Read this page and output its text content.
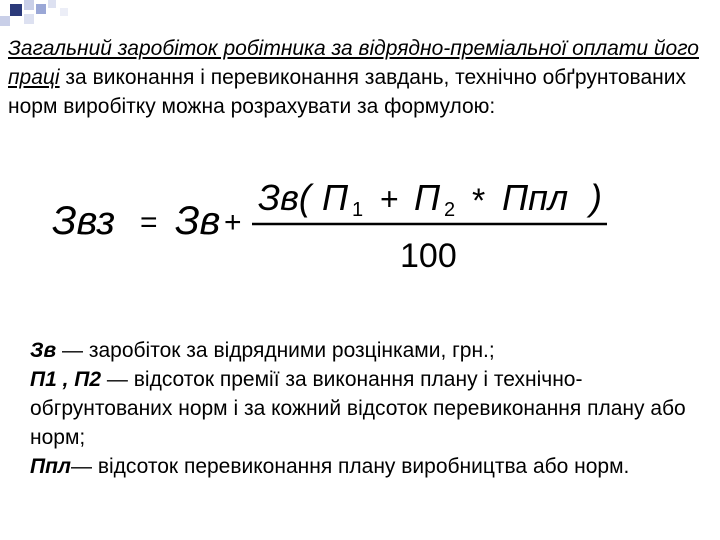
Загальний заробіток робітника за відрядно-преміальної оплати його праці за виконання і перевиконання завдань, технічно обґрунтованих норм виробітку можна розрахувати за формулою:

Звз = Зв +
Зв( П 1 + П 2 * Ппл )
100

Зв — заробіток за відрядними розцінками, грн.;
П1 , П2 — відсоток премії за виконання плану і технічно-обгрунтованих норм і за кожний відсоток перевиконання плану або норм;
Ппл— відсоток перевиконання плану виробництва або норм.
